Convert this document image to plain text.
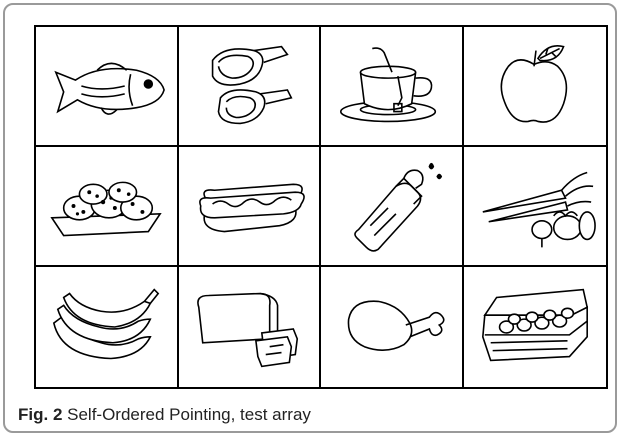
Fig. 2 Self-Ordered Pointing, test array
